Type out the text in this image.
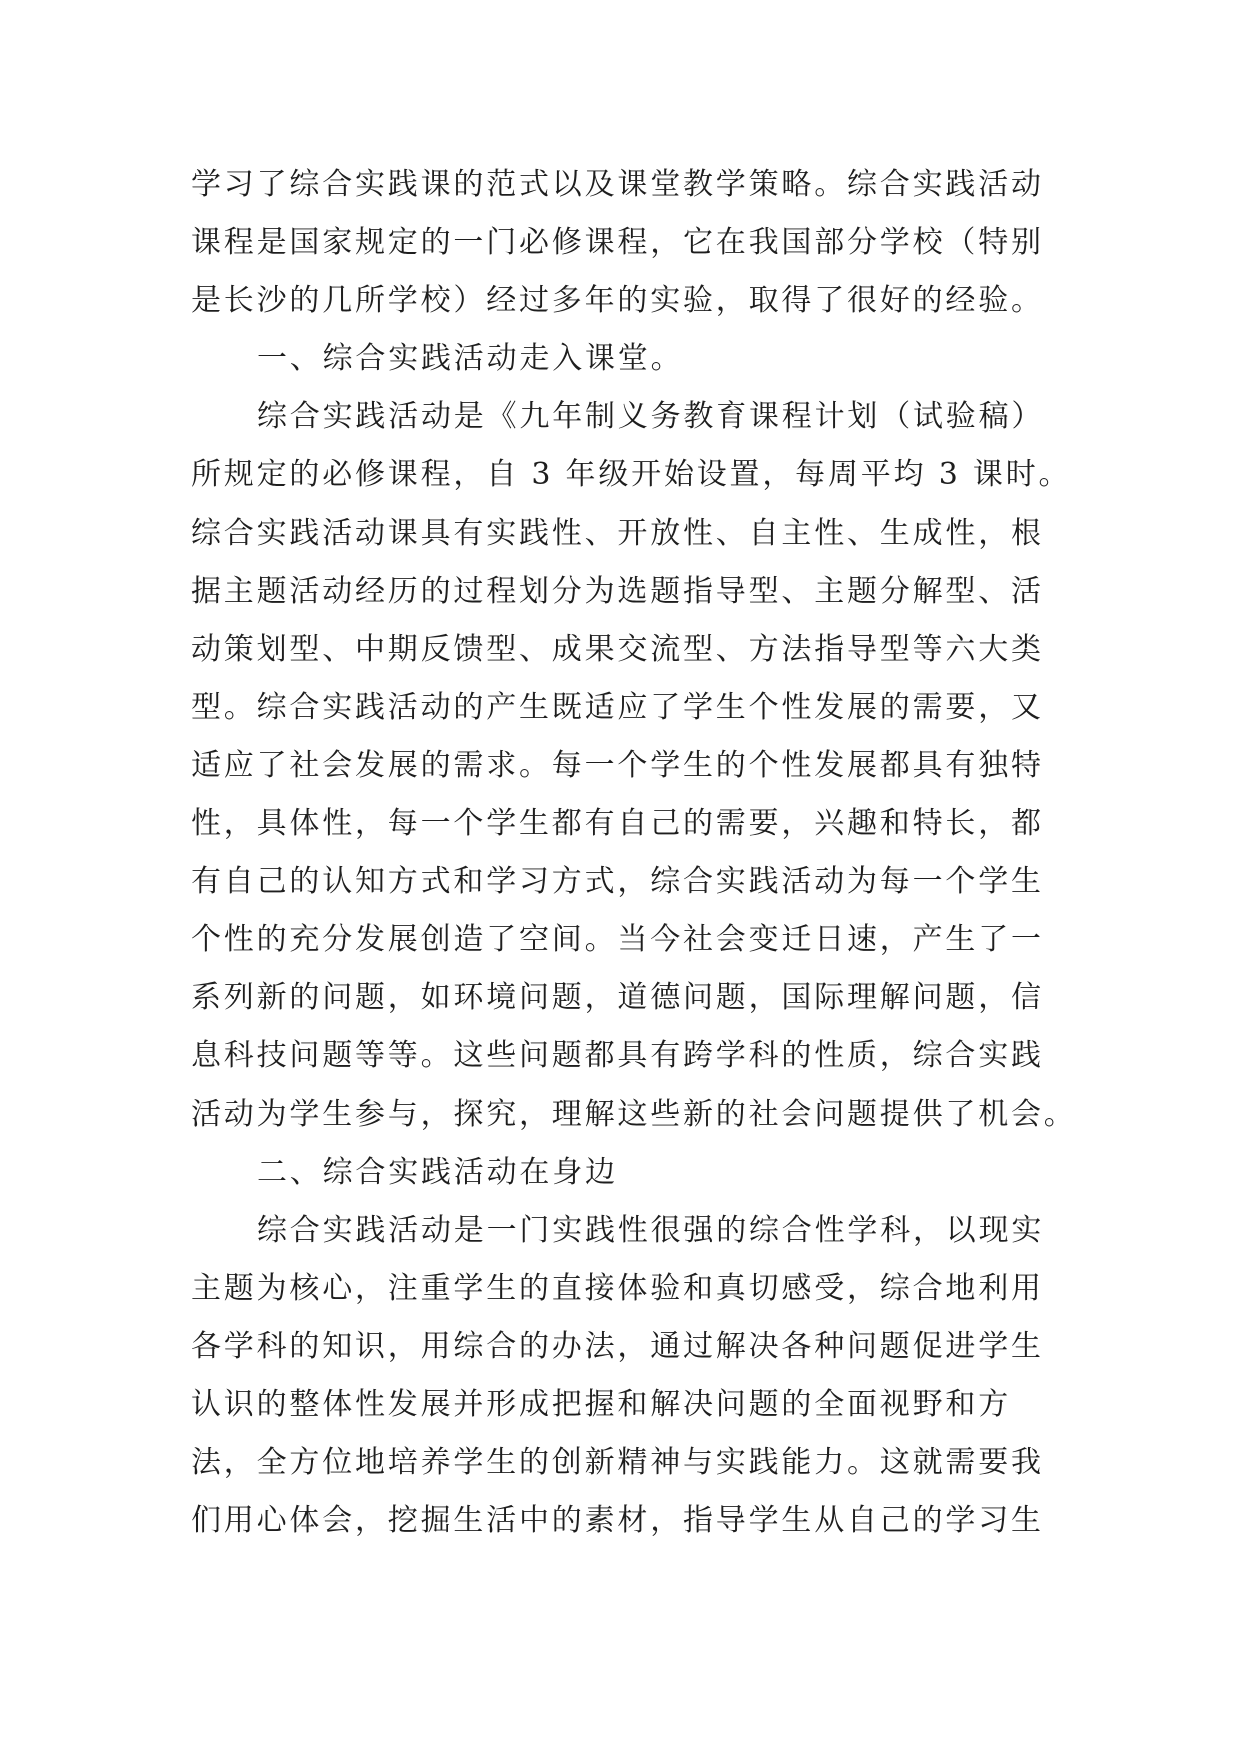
学习了综合实践课的范式以及课堂教学策略。综合实践活动
课程是国家规定的一门必修课程，它在我国部分学校（特别
是长沙的几所学校）经过多年的实验，取得了很好的经验。
一、综合实践活动走入课堂。
综合实践活动是《九年制义务教育课程计划（试验稿）
所规定的必修课程，自 3 年级开始设置，每周平均 3 课时。
综合实践活动课具有实践性、开放性、自主性、生成性，根
据主题活动经历的过程划分为选题指导型、主题分解型、活
动策划型、中期反馈型、成果交流型、方法指导型等六大类
型。综合实践活动的产生既适应了学生个性发展的需要，又
适应了社会发展的需求。每一个学生的个性发展都具有独特
性，具体性，每一个学生都有自己的需要，兴趣和特长，都
有自己的认知方式和学习方式，综合实践活动为每一个学生
个性的充分发展创造了空间。当今社会变迁日速，产生了一
系列新的问题，如环境问题，道德问题，国际理解问题，信
息科技问题等等。这些问题都具有跨学科的性质，综合实践
活动为学生参与，探究，理解这些新的社会问题提供了机会。
二、综合实践活动在身边
综合实践活动是一门实践性很强的综合性学科，以现实
主题为核心，注重学生的直接体验和真切感受，综合地利用
各学科的知识，用综合的办法，通过解决各种问题促进学生
认识的整体性发展并形成把握和解决问题的全面视野和方
法，全方位地培养学生的创新精神与实践能力。这就需要我
们用心体会，挖掘生活中的素材，指导学生从自己的学习生
